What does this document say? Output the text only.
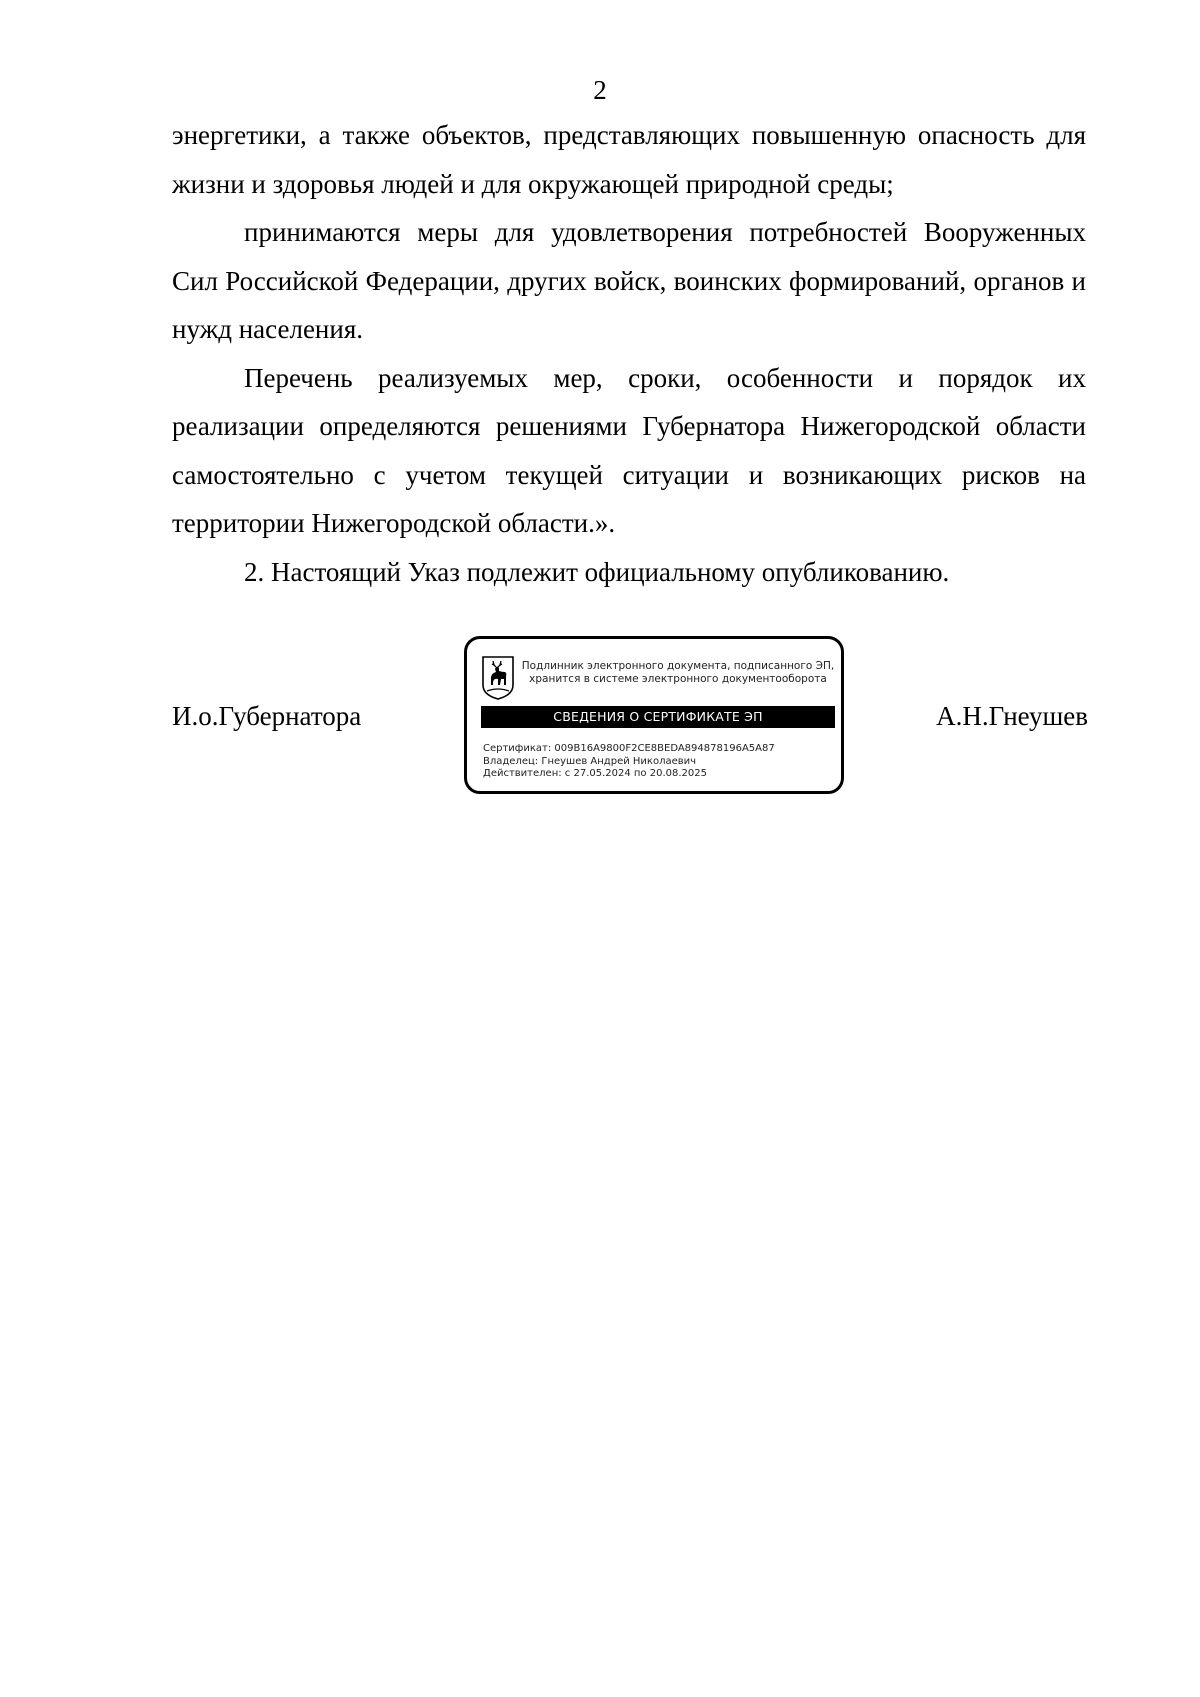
2

энергетики, а также объектов, представляющих повышенную опасность для жизни и здоровья людей и для окружающей природной среды;

принимаются меры для удовлетворения потребностей Вооруженных Сил Российской Федерации, других войск, воинских формирований, органов и нужд населения.

Перечень реализуемых мер, сроки, особенности и порядок их реализации определяются решениями Губернатора Нижегородской области самостоятельно с учетом текущей ситуации и возникающих рисков на территории Нижегородской области.».

2. Настоящий Указ подлежит официальному опубликованию.

И.о.Губернатора
Подлинник электронного документа, подписанного ЭП,
хранится в системе электронного документооборота
СВЕДЕНИЯ О СЕРТИФИКАТЕ ЭП
Сертификат: 009B16A9800F2CE8BEDA894878196A5A87
Владелец: Гнеушев Андрей Николаевич
Действителен: с 27.05.2024 по 20.08.2025
А.Н.Гнеушев
